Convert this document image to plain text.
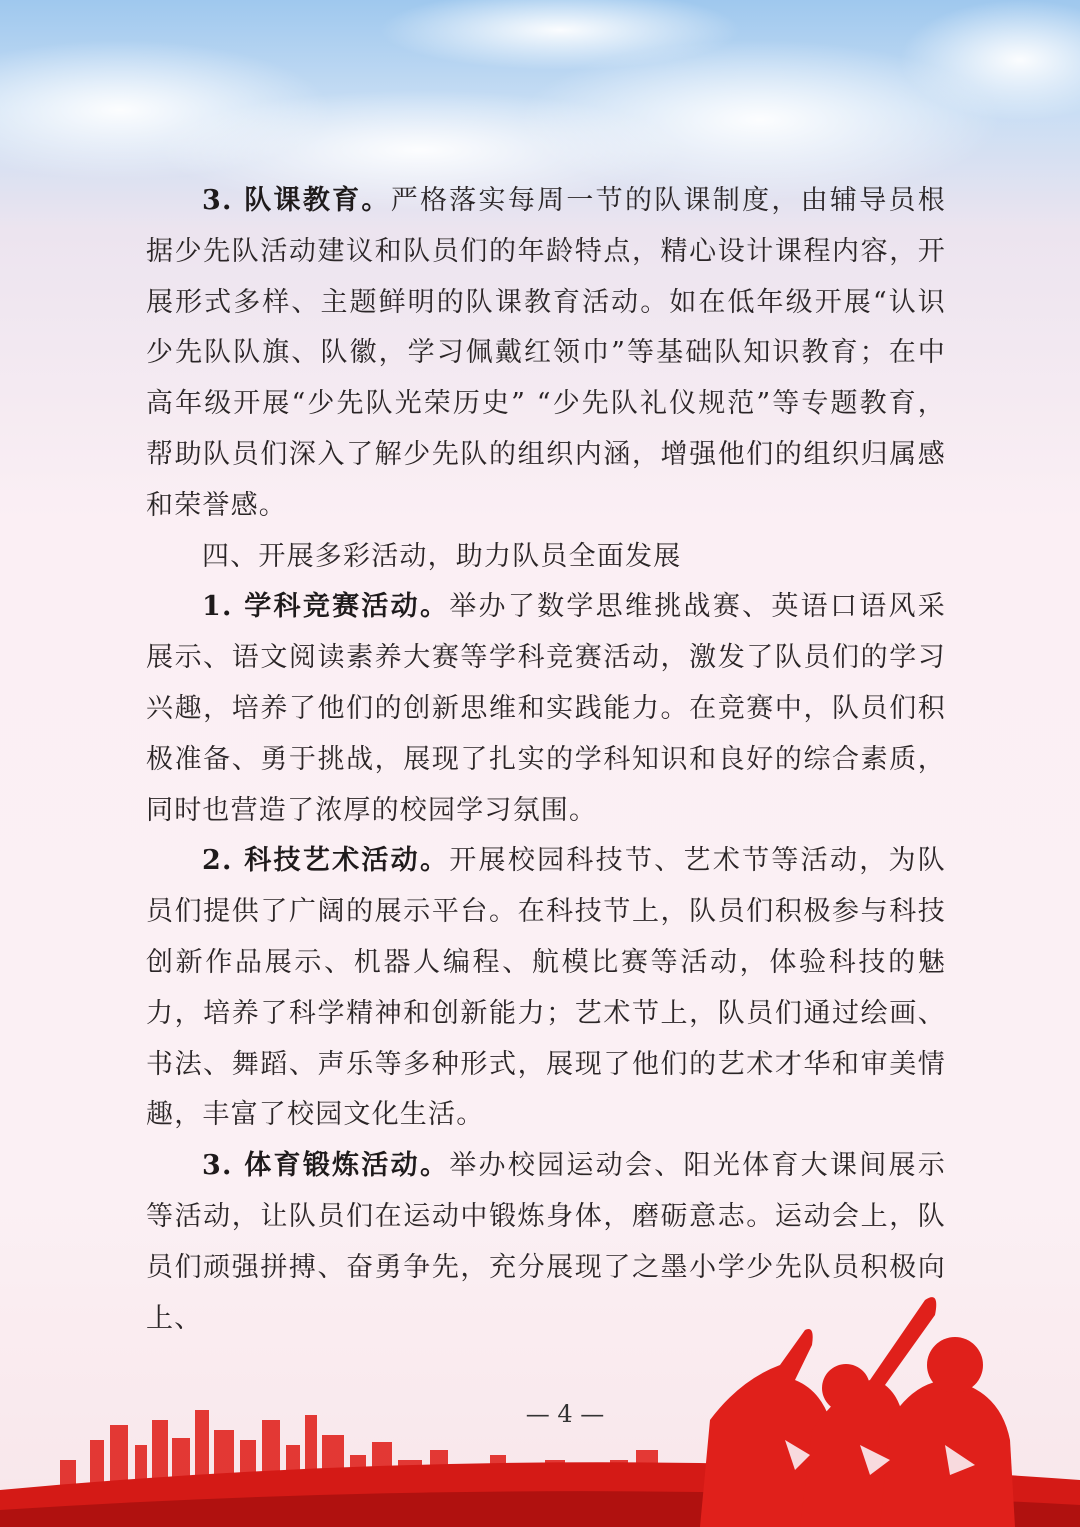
3. 队课教育。严格落实每周一节的队课制度，由辅导员根据少先队活动建议和队员们的年龄特点，精心设计课程内容，开展形式多样、主题鲜明的队课教育活动。如在低年级开展“认识少先队队旗、队徽，学习佩戴红领巾”等基础队知识教育；在中高年级开展“少先队光荣历史” “少先队礼仪规范”等专题教育，帮助队员们深入了解少先队的组织内涵，增强他们的组织归属感和荣誉感。

四、开展多彩活动，助力队员全面发展

1. 学科竞赛活动。举办了数学思维挑战赛、英语口语风采展示、语文阅读素养大赛等学科竞赛活动，激发了队员们的学习兴趣，培养了他们的创新思维和实践能力。在竞赛中，队员们积极准备、勇于挑战，展现了扎实的学科知识和良好的综合素质，同时也营造了浓厚的校园学习氛围。

2. 科技艺术活动。开展校园科技节、艺术节等活动，为队员们提供了广阔的展示平台。在科技节上，队员们积极参与科技创新作品展示、机器人编程、航模比赛等活动，体验科技的魅力，培养了科学精神和创新能力；艺术节上，队员们通过绘画、书法、舞蹈、声乐等多种形式，展现了他们的艺术才华和审美情趣，丰富了校园文化生活。

3. 体育锻炼活动。举办校园运动会、阳光体育大课间展示等活动，让队员们在运动中锻炼身体，磨砺意志。运动会上，队员们顽强拼搏、奋勇争先，充分展现了之墨小学少先队员积极向上、

— 4 —
